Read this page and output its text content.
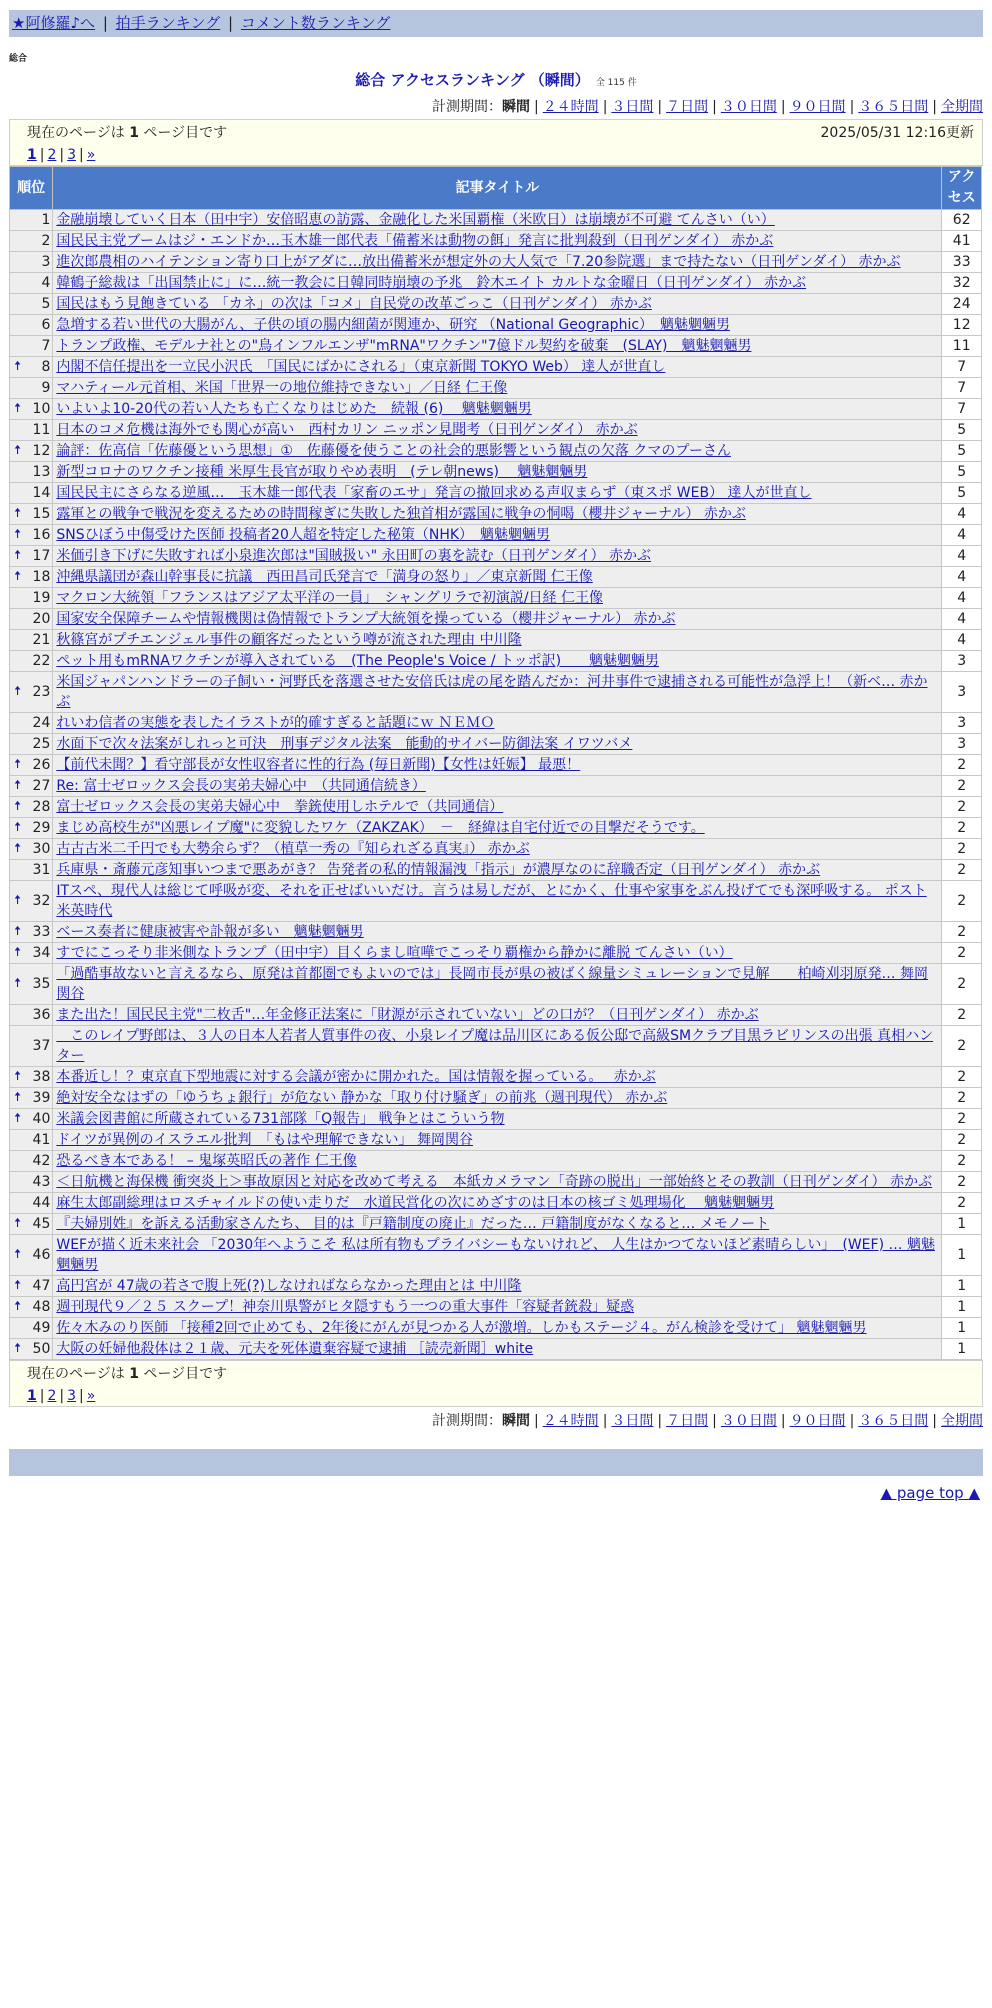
★阿修羅♪へ | 拍手ランキング | コメント数ランキング
総合
総合 アクセスランキング （瞬間） 全 115 件
計測期間：瞬間 | ２４時間 | ３日間 | ７日間 | ３０日間 | ９０日間 | ３６５日間 | 全期間
現在のページは 1 ページ目です	2025/05/31 12:16更新
1 | 2 | 3 | »
順位	記事タイトル	アクセス
1	金融崩壊していく日本（田中宇）安倍昭恵の訪露、金融化した米国覇権（米欧日）は崩壊が不可避 てんさい（い）	62
2	国民民主党ブームはジ・エンドか…玉木雄一郎代表「備蓄米は動物の餌」発言に批判殺到（日刊ゲンダイ） 赤かぶ	41
3	進次郎農相のハイテンション寄り口上がアダに…放出備蓄米が想定外の大人気で「7.20参院選」まで持たない（日刊ゲンダイ） 赤かぶ	33
4	韓鶴子総裁は「出国禁止に」に…統一教会に日韓同時崩壊の予兆　鈴木エイト カルトな金曜日（日刊ゲンダイ） 赤かぶ	32
5	国民はもう見飽きている 「カネ」の次は「コメ」自民党の改革ごっこ（日刊ゲンダイ） 赤かぶ	24
6	急増する若い世代の大腸がん、子供の頃の腸内細菌が関連か、研究 （National Geographic）　魑魅魍魎男	12
7	トランプ政権、モデルナ社との"鳥インフルエンザ"mRNA"ワクチン"7億ドル契約を破棄　(SLAY)　魑魅魍魎男	11

🠅 8	内閣不信任提出を一立民小沢氏　「国民にばかにされる」（東京新聞 TOKYO Web） 達人が世直し	7
9	マハティール元首相、米国「世界一の地位維持できない」／日経 仁王像	7

🠅 10	いよいよ10-20代の若い人たちも亡くなりはじめた　続報 (6)　 魑魅魍魎男	7
11	日本のコメ危機は海外でも関心が高い　西村カリン ニッポン見聞考（日刊ゲンダイ） 赤かぶ	5

🠅 12	論評：佐高信「佐藤優という思想」①　佐藤優を使うことの社会的悪影響という観点の欠落 クマのプーさん	5
13	新型コロナのワクチン接種 米厚生長官が取りやめ表明　(テレ朝news)　 魑魅魍魎男	5
14	国民民主にさらなる逆風…　玉木雄一郎代表「家畜のエサ」発言の撤回求める声収まらず（東スポ WEB） 達人が世直し	5

🠅 15	露軍との戦争で戦況を変えるための時間稼ぎに失敗した独首相が露国に戦争の恫喝（櫻井ジャーナル） 赤かぶ	4

🠅 16	SNSひぼう中傷受けた医師 投稿者20人超を特定した秘策（NHK）　魑魅魍魎男	4

🠅 17	米価引き下げに失敗すれば小泉進次郎は"国賊扱い" 永田町の裏を読む（日刊ゲンダイ） 赤かぶ	4

🠅 18	沖縄県議団が森山幹事長に抗議　西田昌司氏発言で「満身の怒り」／東京新聞 仁王像	4
19	マクロン大統領「フランスはアジア太平洋の一員」　シャングリラで初演説/日経 仁王像	4
20	国家安全保障チームや情報機関は偽情報でトランプ大統領を操っている（櫻井ジャーナル） 赤かぶ	4
21	秋篠宮がプチエンジェル事件の顧客だったという噂が流された理由 中川隆	4
22	ペット用もmRNAワクチンが導入されている　(The People's Voice / トッポ訳)　　魑魅魍魎男	3

🠅 23	米国ジャパンハンドラーの子飼い・河野氏を落選させた安倍氏は虎の尾を踏んだか：河井事件で逮捕される可能性が急浮上！（新ベ… 赤かぶ	3
24	れいわ信者の実態を表したイラストが的確すぎると話題にｗ ＮＥＭＯ	3
25	水面下で次々法案がしれっと可決　刑事デジタル法案　能動的サイバー防御法案 イワツバメ	3

🠅 26	【前代未聞？】看守部長が女性収容者に性的行為 (毎日新聞)【女性は妊娠】 最悪！	2

🠅 27	Re: 富士ゼロックス会長の実弟夫婦心中　（共同通信続き）	2

🠅 28	富士ゼロックス会長の実弟夫婦心中　拳銃使用しホテルで（共同通信）	2

🠅 29	まじめ高校生が"凶悪レイプ魔"に変貌したワケ（ZAKZAK）　－　経緯は自宅付近での目撃だそうです。	2

🠅 30	古古古米二千円でも大勢余らず？（植草一秀の『知られざる真実』） 赤かぶ	2
31	兵庫県・斎藤元彦知事いつまで悪あがき？ 告発者の私的情報漏洩「指示」が濃厚なのに辞職否定（日刊ゲンダイ） 赤かぶ	2

🠅 32	ITスペ、現代人は総じて呼吸が変、それを正せばいいだけ。言うは易しだが、とにかく、仕事や家事をぶん投げてでも深呼吸する。 ポスト米英時代	2

🠅 33	ベース奏者に健康被害や訃報が多い　魑魅魍魎男	2

🠅 34	すでにこっそり非米側なトランプ（田中宇）目くらまし喧嘩でこっそり覇権から静かに離脱 てんさい（い）	2

🠅 35	「過酷事故ないと言えるなら、原発は首都圏でもよいのでは」長岡市長が県の被ばく線量シミュレーションで見解　　柏崎刈羽原発… 舞岡関谷	2
36	また出た！国民民主党"二枚舌"…年金修正法案に「財源が示されていない」どの口が？（日刊ゲンダイ） 赤かぶ	2
37	　このレイプ野郎は、３人の日本人若者人質事件の夜、小泉レイプ魔は品川区にある仮公邸で高級SMクラブ目黒ラビリンスの出張 真相ハンター	2

🠅 38	本番近し！？東京直下型地震に対する会議が密かに開かれた。国は情報を握っている。　 赤かぶ	2

🠅 39	絶対安全なはずの「ゆうちょ銀行」が危ない 静かな「取り付け騒ぎ」の前兆（週刊現代） 赤かぶ	2

🠅 40	米議会図書館に所蔵されている731部隊「Q報告」 戦争とはこういう物	2
41	ドイツが異例のイスラエル批判　「もはや理解できない」 舞岡関谷	2
42	恐るべき本である！ – 鬼塚英昭氏の著作 仁王像	2
43	＜日航機と海保機 衝突炎上＞事故原因と対応を改めて考える　本紙カメラマン「奇跡の脱出」一部始終とその教訓（日刊ゲンダイ） 赤かぶ	2
44	麻生太郎副総理はロスチャイルドの使い走りだ　水道民営化の次にめざすのは日本の核ゴミ処理場化　 魑魅魍魎男	2

🠅 45	『夫婦別姓』を訴える活動家さんたち、 目的は『戸籍制度の廃止』だった… 戸籍制度がなくなると… メモノート	1

🠅 46	WEFが描く近未来社会 「2030年へようこそ 私は所有物もプライバシーもないけれど、 人生はかつてないほど素晴らしい」　(WEF) … 魑魅魍魎男	1

🠅 47	高円宮が 47歳の若さで腹上死(?)しなければならなかった理由とは 中川隆	1

🠅 48	週刊現代９／２５ スクープ！神奈川県警がヒタ隠すもう一つの重大事件「容疑者銃殺」疑惑	1
49	佐々木みのり医師 「接種2回で止めても、2年後にがんが見つかる人が激増。しかもステージ４。がん検診を受けて」 魑魅魍魎男	1

🠅 50	大阪の妊婦他殺体は２１歳、元夫を死体遺棄容疑で逮捕 ［読売新聞］white	1
現在のページは 1 ページ目です
1 | 2 | 3 | »
計測期間：瞬間 | ２４時間 | ３日間 | ７日間 | ３０日間 | ９０日間 | ３６５日間 | 全期間
▲ page top ▲
